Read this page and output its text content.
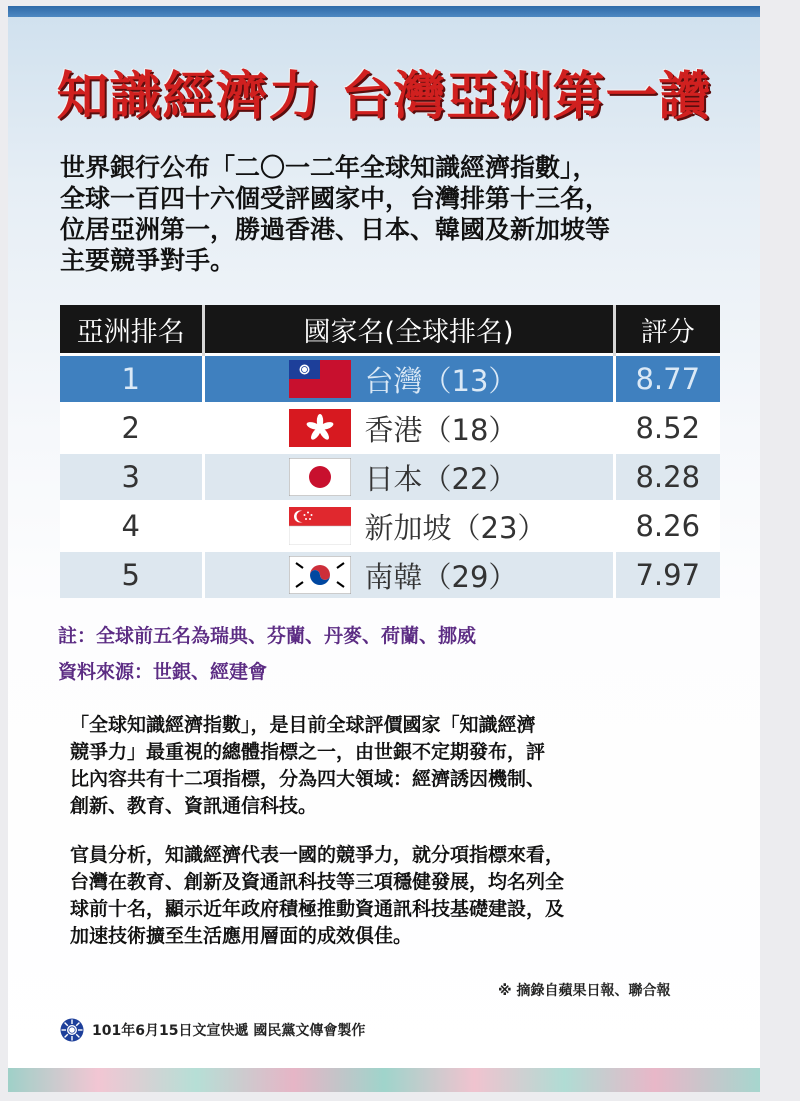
知識經濟力 台灣亞洲第一讚
世界銀行公布「二〇一二年全球知識經濟指數」，
全球一百四十六個受評國家中，台灣排第十三名，
位居亞洲第一，勝過香港、日本、韓國及新加坡等
主要競爭對手。
亞洲排名	國家名(全球排名)	評分
1	台灣（13）	8.77
2	香港（18）	8.52
3	日本（22）	8.28
4	新加坡（23）	8.26
5	南韓（29）	7.97
註：全球前五名為瑞典、芬蘭、丹麥、荷蘭、挪威
資料來源：世銀、經建會
「全球知識經濟指數」，是目前全球評價國家「知識經濟
競爭力」最重視的總體指標之一，由世銀不定期發布，評
比內容共有十二項指標，分為四大領域：經濟誘因機制、
創新、教育、資訊通信科技。
官員分析，知識經濟代表一國的競爭力，就分項指標來看，
台灣在教育、創新及資通訊科技等三項穩健發展，均名列全
球前十名，顯示近年政府積極推動資通訊科技基礎建設，及
加速技術擴至生活應用層面的成效俱佳。
※ 摘錄自蘋果日報、聯合報
101年6月15日文宣快遞 國民黨文傳會製作
